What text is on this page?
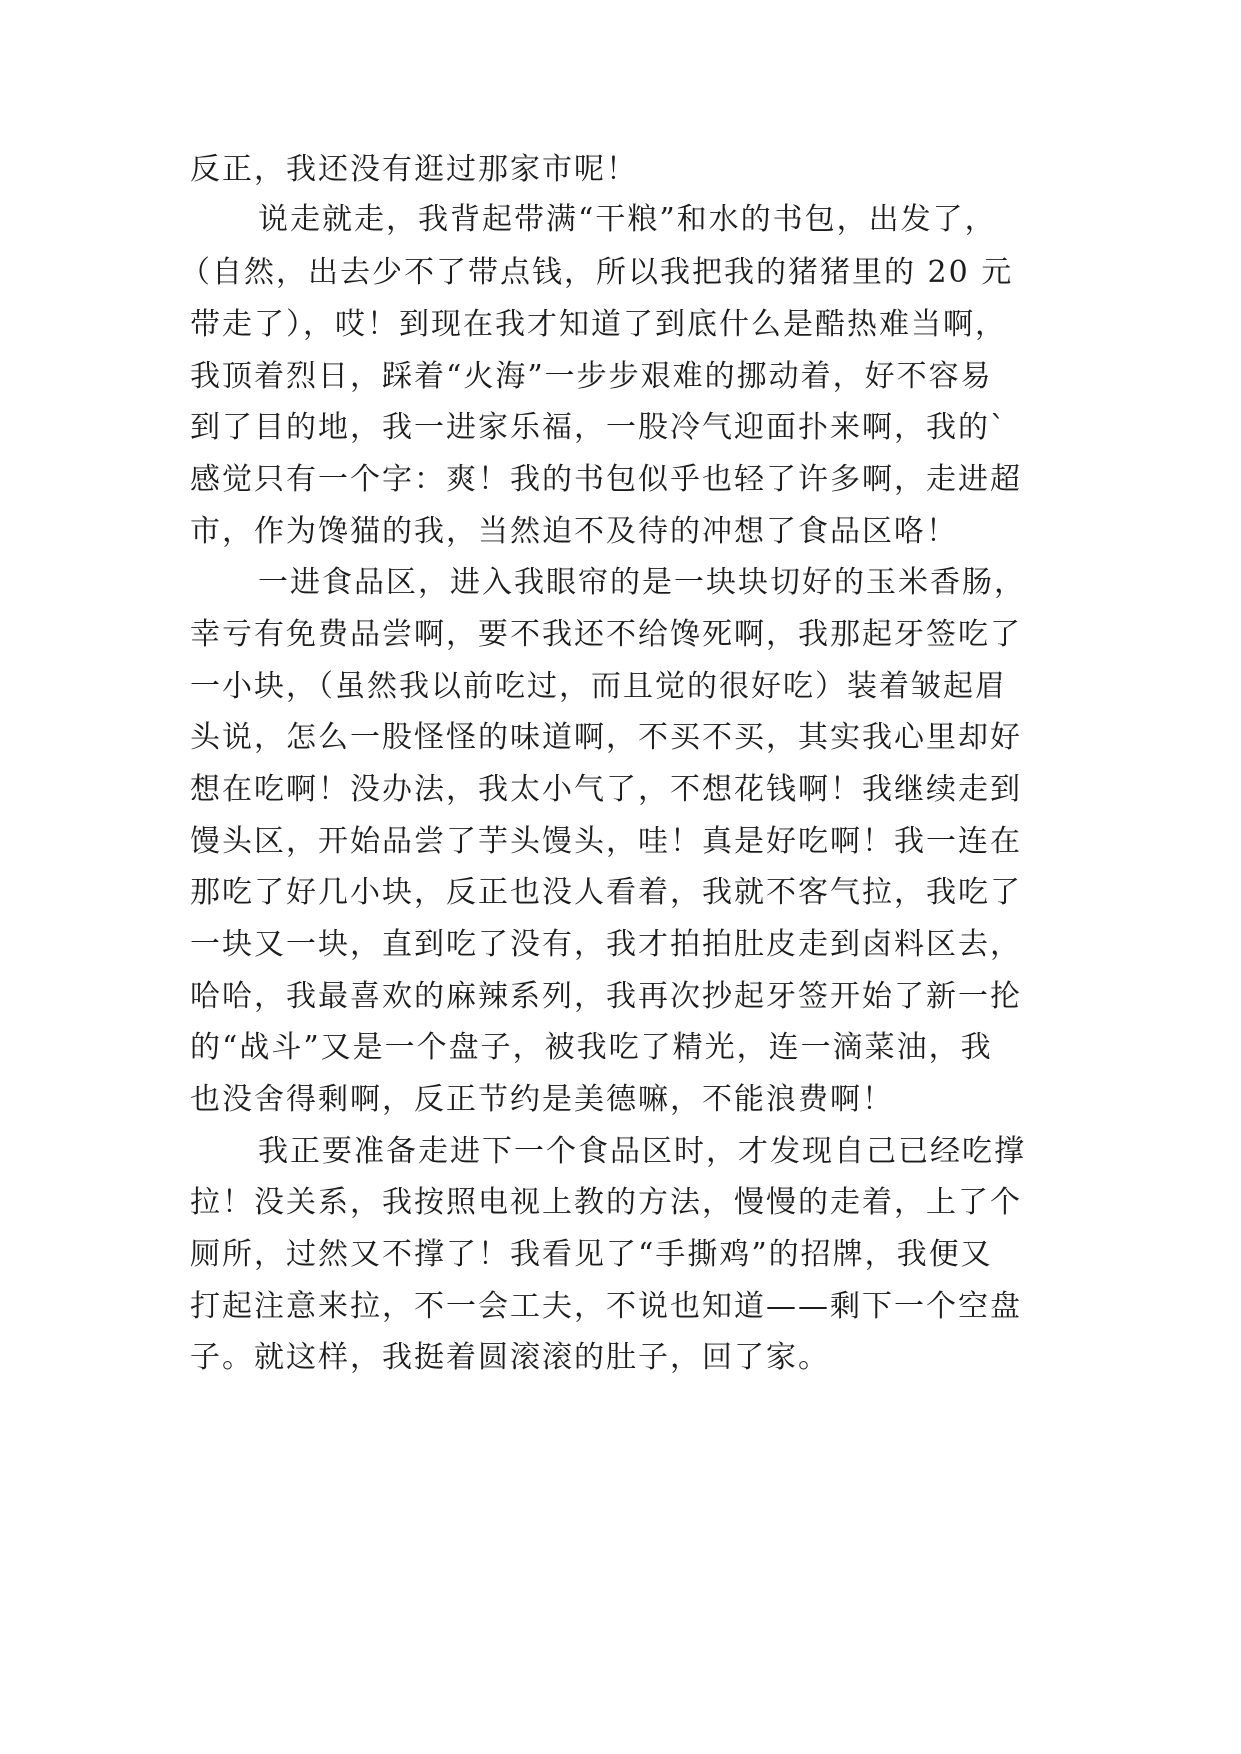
反正，我还没有逛过那家市呢！
说走就走，我背起带满“干粮”和水的书包，出发了，
（自然，出去少不了带点钱，所以我把我的猪猪里的 20 元
带走了），哎！到现在我才知道了到底什么是酷热难当啊，
我顶着烈日，踩着“火海”一步步艰难的挪动着，好不容易
到了目的地，我一进家乐福，一股冷气迎面扑来啊，我的`
感觉只有一个字：爽！我的书包似乎也轻了许多啊，走进超
市，作为馋猫的我，当然迫不及待的冲想了食品区咯！
一进食品区，进入我眼帘的是一块块切好的玉米香肠，
幸亏有免费品尝啊，要不我还不给馋死啊，我那起牙签吃了
一小块，（虽然我以前吃过，而且觉的很好吃）装着皱起眉
头说，怎么一股怪怪的味道啊，不买不买，其实我心里却好
想在吃啊！没办法，我太小气了，不想花钱啊！我继续走到
馒头区，开始品尝了芋头馒头，哇！真是好吃啊！我一连在
那吃了好几小块，反正也没人看着，我就不客气拉，我吃了
一块又一块，直到吃了没有，我才拍拍肚皮走到卤料区去，
哈哈，我最喜欢的麻辣系列，我再次抄起牙签开始了新一抡
的“战斗”又是一个盘子，被我吃了精光，连一滴菜油，我
也没舍得剩啊，反正节约是美德嘛，不能浪费啊！
我正要准备走进下一个食品区时，才发现自己已经吃撑
拉！没关系，我按照电视上教的方法，慢慢的走着，上了个
厕所，过然又不撑了！我看见了“手撕鸡”的招牌，我便又
打起注意来拉，不一会工夫，不说也知道——剩下一个空盘
子。就这样，我挺着圆滚滚的肚子，回了家。
